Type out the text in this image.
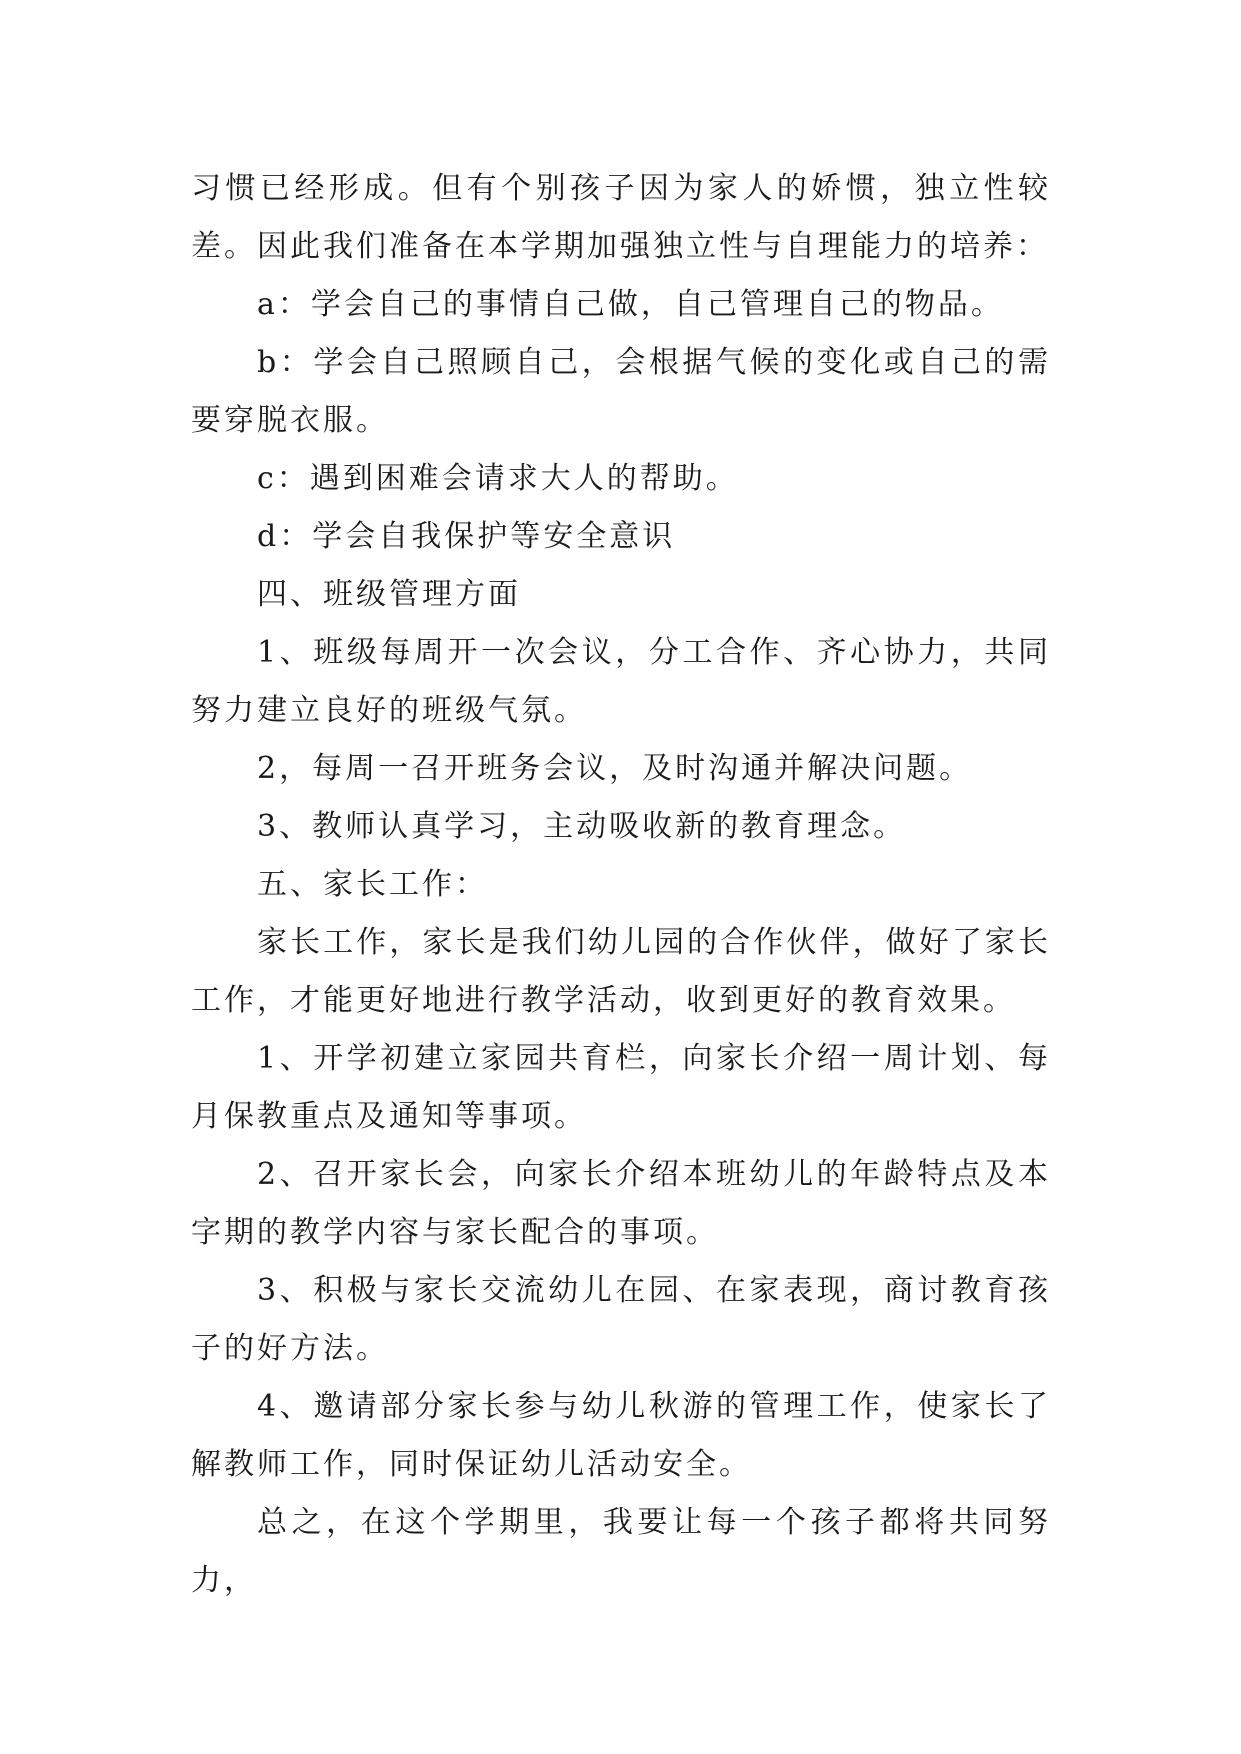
习惯已经形成。但有个别孩子因为家人的娇惯，独立性较差。因此我们准备在本学期加强独立性与自理能力的培养：

a：学会自己的事情自己做，自己管理自己的物品。

b：学会自己照顾自己，会根据气候的变化或自己的需要穿脱衣服。

c：遇到困难会请求大人的帮助。

d：学会自我保护等安全意识

四、班级管理方面

1、班级每周开一次会议，分工合作、齐心协力，共同努力建立良好的班级气氛。

2，每周一召开班务会议，及时沟通并解决问题。

3、教师认真学习，主动吸收新的教育理念。

五、家长工作：

家长工作，家长是我们幼儿园的合作伙伴，做好了家长工作，才能更好地进行教学活动，收到更好的教育效果。

1、开学初建立家园共育栏，向家长介绍一周计划、每月保教重点及通知等事项。

2、召开家长会，向家长介绍本班幼儿的年龄特点及本字期的教学内容与家长配合的事项。

3、积极与家长交流幼儿在园、在家表现，商讨教育孩子的好方法。

4、邀请部分家长参与幼儿秋游的管理工作，使家长了解教师工作，同时保证幼儿活动安全。

总之，在这个学期里，我要让每一个孩子都将共同努力，
